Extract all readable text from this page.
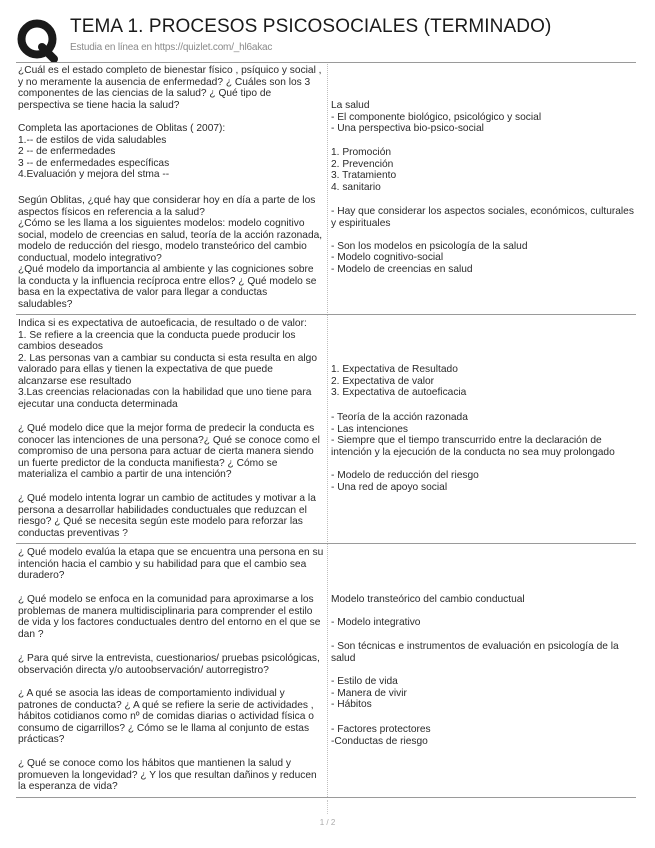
TEMA 1. PROCESOS PSICOSOCIALES (TERMINADO)
Estudia en línea en https://quizlet.com/_hl6akac
¿Cuál es el estado completo de bienestar físico , psíquico y social , y no meramente la ausencia de enfermedad? ¿ Cuáles son los 3 componentes de las ciencias de la salud? ¿ Qué tipo de perspectiva se tiene hacia la salud?	La salud
- El componente biológico, psicológico y social
- Una perspectiva bio-psico-social
Completa las aportaciones de Oblitas ( 2007):
1.-- de estilos de vida saludables
2 -- de enfermedades
3 -- de enfermedades específicas
4.Evaluación y mejora del stma --
1. Promoción
2. Prevención
3. Tratamiento
4. sanitario
Según Oblitas, ¿qué hay que considerar hoy en día a parte de los aspectos físicos en referencia a la salud?
¿Cómo se les llama a los siguientes modelos: modelo cognitivo social, modelo de creencias en salud, teoría de la acción razonada, modelo de reducción del riesgo, modelo transteórico del cambio conductual, modelo integrativo?
¿Qué modelo da importancia al ambiente y las cogniciones sobre la conducta y la influencia recíproca entre ellos? ¿ Qué modelo se basa en la expectativa de valor para llegar a conductas saludables?
- Hay que considerar los aspectos sociales, económicos, culturales y espirituales

- Son los modelos en psicología de la salud
- Modelo cognitivo-social
- Modelo de creencias en salud
Indica si es expectativa de autoeficacia, de resultado o de valor:
1. Se refiere a la creencia que la conducta puede producir los cambios deseados
2. Las personas van a cambiar su conducta si esta resulta en algo valorado para ellas y tienen la expectativa de que puede alcanzarse ese resultado
3.Las creencias relacionadas con la habilidad que uno tiene para ejecutar una conducta determinada
1. Expectativa de Resultado
2. Expectativa de valor
3. Expectativa de autoeficacia
¿ Qué modelo dice que la mejor forma de predecir la conducta es conocer las intenciones de una persona?¿ Qué se conoce como el compromiso de una persona para actuar de cierta manera siendo un fuerte predictor de la conducta manifiesta? ¿ Cómo se materializa el cambio a partir de una intención?
- Teoría de la acción razonada
- Las intenciones
- Siempre que el tiempo transcurrido entre la declaración de intención y la ejecución de la conducta no sea muy prolongado
¿ Qué modelo intenta lograr un cambio de actitudes y motivar a la persona a desarrollar habilidades conductuales que reduzcan el riesgo? ¿ Qué se necesita según este modelo para reforzar las conductas preventivas ?
- Modelo de reducción del riesgo
- Una red de apoyo social
¿ Qué modelo evalúa la etapa que se encuentra una persona en su intención hacia el cambio y su habilidad para que el cambio sea duradero?
Modelo transteórico del cambio conductual
¿ Qué modelo se enfoca en la comunidad para aproximarse a los problemas de manera multidisciplinaria para comprender el estilo de vida y los factores conductuales dentro del entorno en el que se dan ?
- Modelo integrativo
¿ Para qué sirve la entrevista, cuestionarios/ pruebas psicológicas, observación directa y/o autoobservación/ autorregistro?
- Son técnicas e instrumentos de evaluación en psicología de la salud
¿ A qué se asocia las ideas de comportamiento individual y patrones de conducta? ¿ A qué se refiere la serie de actividades , hábitos cotidianos como nº de comidas diarias o actividad física o consumo de cigarrillos? ¿ Cómo se le llama al conjunto de estas prácticas?
- Estilo de vida
- Manera de vivir
- Hábitos
¿ Qué se conoce como los hábitos que mantienen la salud y promueven la longevidad? ¿ Y los que resultan dañinos y reducen la esperanza de vida?
- Factores protectores
-Conductas de riesgo
1 / 2
